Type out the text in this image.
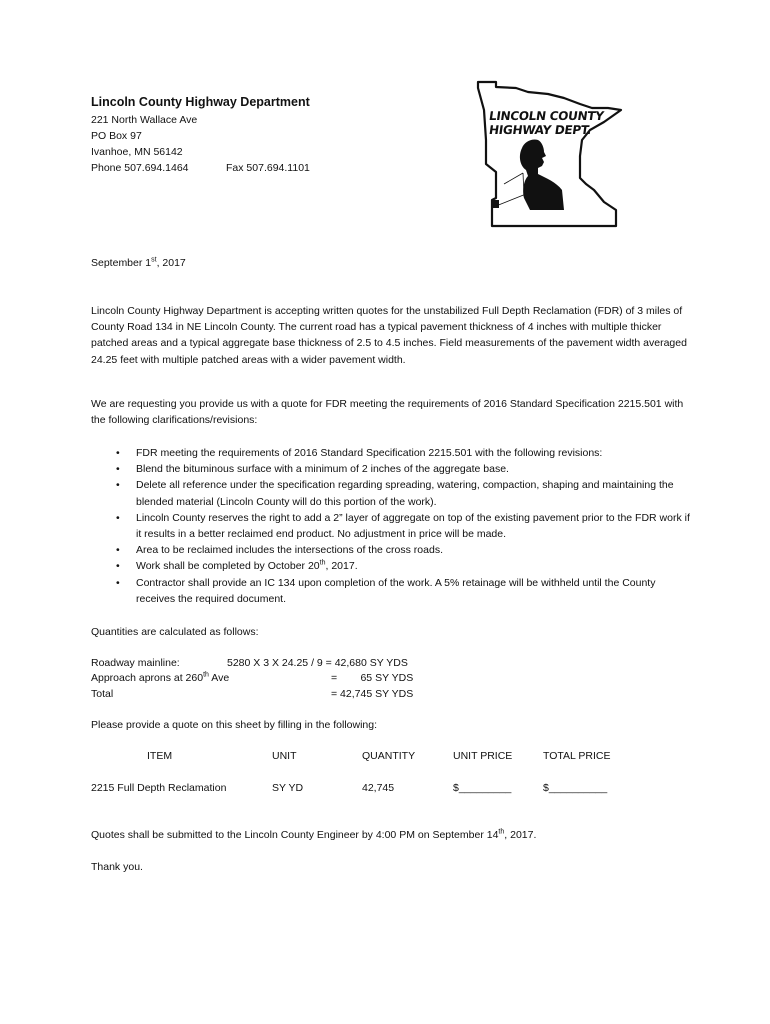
Lincoln County Highway Department
221 North Wallace Ave
PO Box 97
Ivanhoe, MN 56142
Phone 507.694.1464	Fax 507.694.1101
LINCOLN COUNTY
HIGHWAY DEPT.
September 1st, 2017
Lincoln County Highway Department is accepting written quotes for the unstabilized Full Depth Reclamation (FDR) of 3 miles of County Road 134 in NE Lincoln County. The current road has a typical pavement thickness of 4 inches with multiple thicker patched areas and a typical aggregate base thickness of 2.5 to 4.5 inches. Field measurements of the pavement width averaged 24.25 feet with multiple patched areas with a wider pavement width.
We are requesting you provide us with a quote for FDR meeting the requirements of 2016 Standard Specification 2215.501 with the following clarifications/revisions:
• FDR meeting the requirements of 2016 Standard Specification 2215.501 with the following revisions:
• Blend the bituminous surface with a minimum of 2 inches of the aggregate base.
• Delete all reference under the specification regarding spreading, watering, compaction, shaping and maintaining the blended material (Lincoln County will do this portion of the work).
• Lincoln County reserves the right to add a 2” layer of aggregate on top of the existing pavement prior to the FDR work if it results in a better reclaimed end product. No adjustment in price will be made.
• Area to be reclaimed includes the intersections of the cross roads.
• Work shall be completed by October 20th, 2017.
• Contractor shall provide an IC 134 upon completion of the work. A 5% retainage will be withheld until the County receives the required document.
Quantities are calculated as follows:
Roadway mainline:	5280 X 3 X 24.25 / 9 = 42,680 SY YDS
Approach aprons at 260th Ave	=        65 SY YDS
Total	= 42,745 SY YDS
Please provide a quote on this sheet by filling in the following:
ITEM	UNIT	QUANTITY	UNIT PRICE	TOTAL PRICE
2215 Full Depth Reclamation	SY YD	42,745	$_________	$__________
Quotes shall be submitted to the Lincoln County Engineer by 4:00 PM on September 14th, 2017.
Thank you.
